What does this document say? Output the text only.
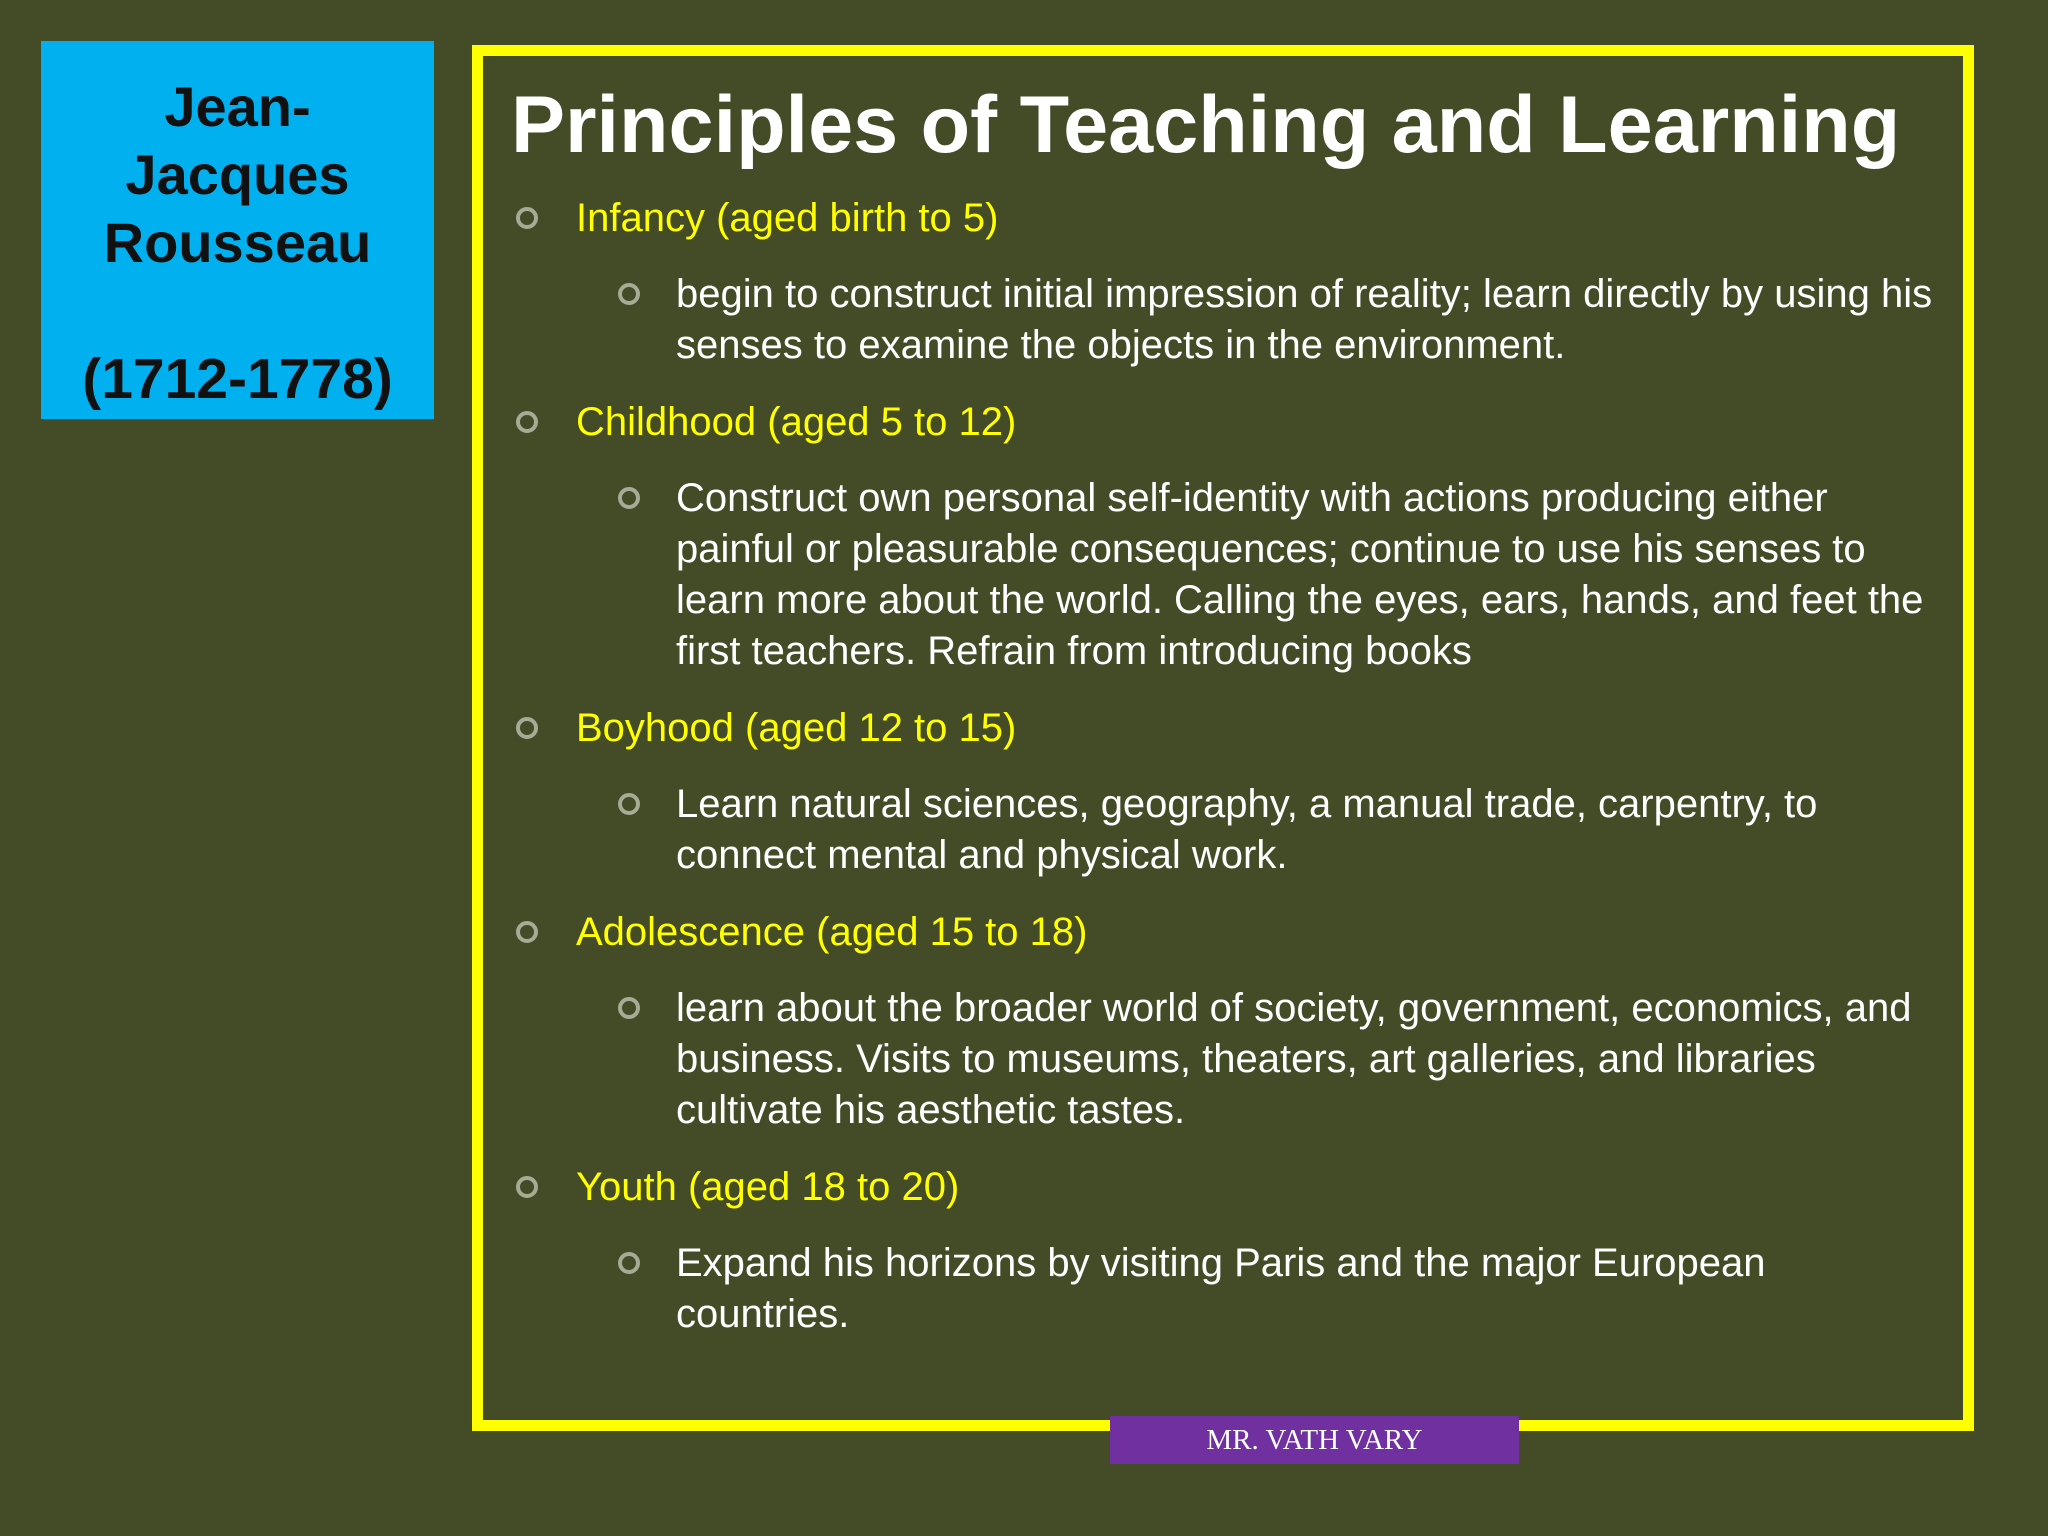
Jean-
Jacques
Rousseau
(1712-1778)
Principles of Teaching and Learning
Infancy (aged birth to 5)
begin to construct initial impression of reality; learn directly by using his senses to examine the objects in the environment.
Childhood (aged 5 to 12)
Construct own personal self-identity with actions producing either painful or pleasurable consequences; continue to use his senses to learn more about the world. Calling the eyes, ears, hands, and feet the first teachers. Refrain from introducing books
Boyhood (aged 12 to 15)
Learn natural sciences, geography, a manual trade, carpentry, to connect mental and physical work.
Adolescence (aged 15 to 18)
learn about the broader world of society, government, economics, and business. Visits to museums, theaters, art galleries, and libraries cultivate his aesthetic tastes.
Youth (aged 18 to 20)
Expand his horizons by visiting Paris and the major European countries.
MR. VATH VARY
